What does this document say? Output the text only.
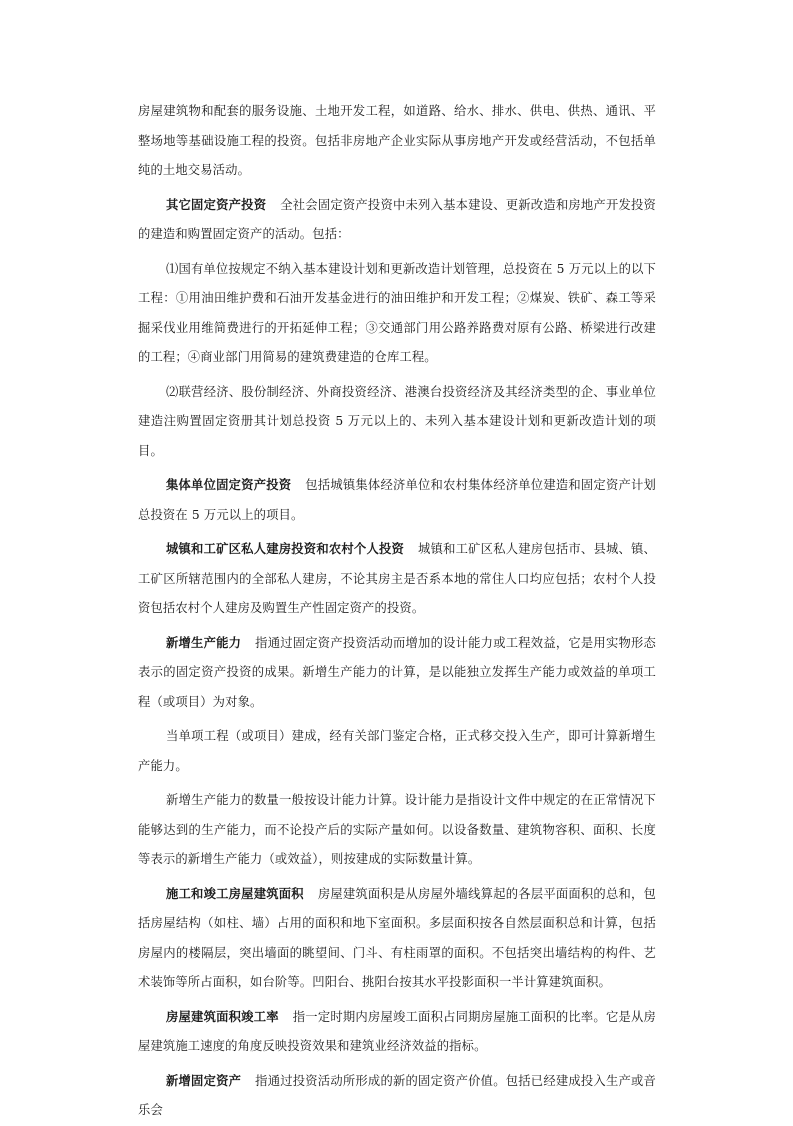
房屋建筑物和配套的服务设施、土地开发工程，如道路、给水、排水、供电、供热、通讯、平整场地等基础设施工程的投资。包括非房地产企业实际从事房地产开发或经营活动，不包括单纯的土地交易活动。

其它固定资产投资 全社会固定资产投资中未列入基本建设、更新改造和房地产开发投资的建造和购置固定资产的活动。包括：

⑴国有单位按规定不纳入基本建设计划和更新改造计划管理，总投资在 5 万元以上的以下工程：①用油田维护费和石油开发基金进行的油田维护和开发工程；②煤炭、铁矿、森工等采掘采伐业用维简费进行的开拓延伸工程；③交通部门用公路养路费对原有公路、桥梁进行改建的工程；④商业部门用简易的建筑费建造的仓库工程。

⑵联营经济、股份制经济、外商投资经济、港澳台投资经济及其经济类型的企、事业单位建造注购置固定资册其计划总投资 5 万元以上的、未列入基本建设计划和更新改造计划的项目。

集体单位固定资产投资 包括城镇集体经济单位和农村集体经济单位建造和固定资产计划总投资在 5 万元以上的项目。

城镇和工矿区私人建房投资和农村个人投资 城镇和工矿区私人建房包括市、县城、镇、工矿区所辖范围内的全部私人建房，不论其房主是否系本地的常住人口均应包括；农村个人投资包括农村个人建房及购置生产性固定资产的投资。

新增生产能力 指通过固定资产投资活动而增加的设计能力或工程效益，它是用实物形态表示的固定资产投资的成果。新增生产能力的计算，是以能独立发挥生产能力或效益的单项工程（或项目）为对象。

当单项工程（或项目）建成，经有关部门鉴定合格，正式移交投入生产，即可计算新增生产能力。

新增生产能力的数量一般按设计能力计算。设计能力是指设计文件中规定的在正常情况下能够达到的生产能力，而不论投产后的实际产量如何。以设备数量、建筑物容积、面积、长度等表示的新增生产能力（或效益），则按建成的实际数量计算。

施工和竣工房屋建筑面积 房屋建筑面积是从房屋外墙线算起的各层平面面积的总和，包括房屋结构（如柱、墙）占用的面积和地下室面积。多层面积按各自然层面积总和计算，包括房屋内的楼隔层，突出墙面的眺望间、门斗、有柱雨罩的面积。不包括突出墙结构的构件、艺术装饰等所占面积，如台阶等。凹阳台、挑阳台按其水平投影面积一半计算建筑面积。

房屋建筑面积竣工率 指一定时期内房屋竣工面积占同期房屋施工面积的比率。它是从房屋建筑施工速度的角度反映投资效果和建筑业经济效益的指标。

新增固定资产 指通过投资活动所形成的新的固定资产价值。包括已经建成投入生产或音乐会
